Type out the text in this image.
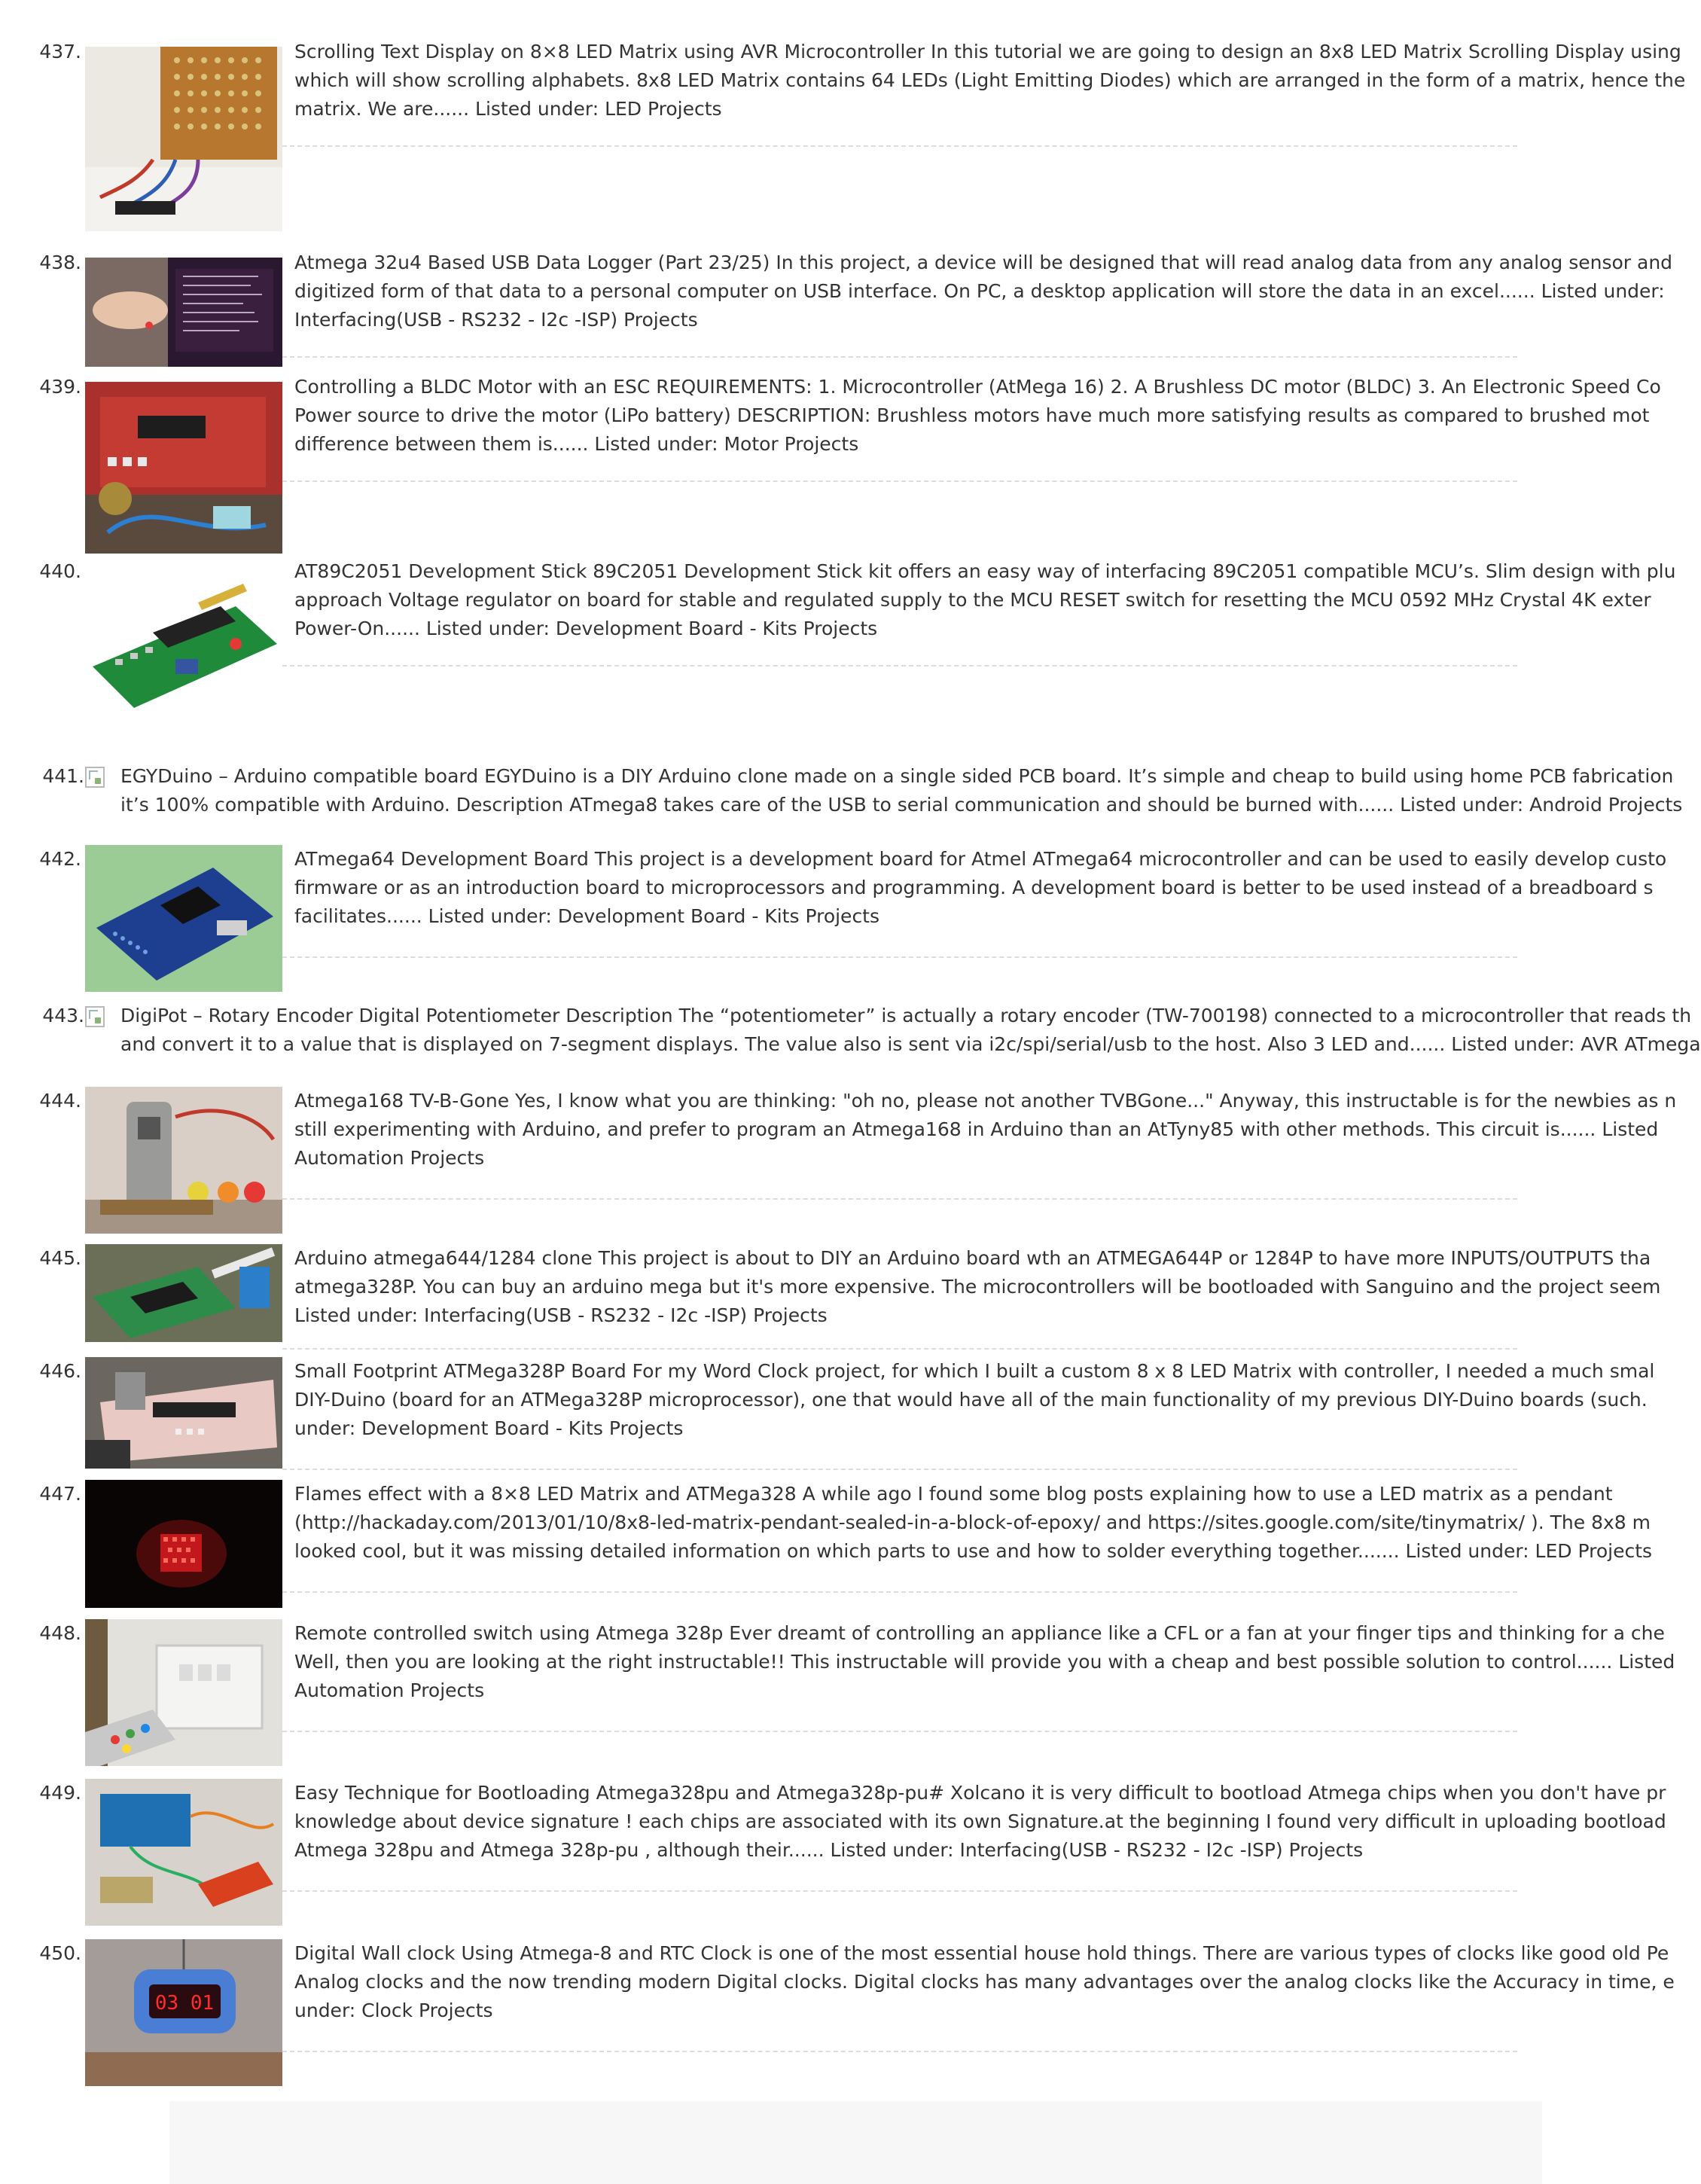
437.	Scrolling Text Display on 8×8 LED Matrix using AVR Microcontroller In this tutorial we are going to design an 8x8 LED Matrix Scrolling Display using
which will show scrolling alphabets. 8x8 LED Matrix contains 64 LEDs (Light Emitting Diodes) which are arranged in the form of a matrix, hence the
matrix. We are...... Listed under: LED Projects
438.	Atmega 32u4 Based USB Data Logger (Part 23/25) In this project, a device will be designed that will read analog data from any analog sensor and
digitized form of that data to a personal computer on USB interface. On PC, a desktop application will store the data in an excel...... Listed under:
Interfacing(USB - RS232 - I2c -ISP) Projects
439.	Controlling a BLDC Motor with an ESC REQUIREMENTS: 1. Microcontroller (AtMega 16) 2. A Brushless DC motor (BLDC) 3. An Electronic Speed Co
Power source to drive the motor (LiPo battery) DESCRIPTION: Brushless motors have much more satisfying results as compared to brushed mot
difference between them is...... Listed under: Motor Projects
440.	AT89C2051 Development Stick 89C2051 Development Stick kit offers an easy way of interfacing 89C2051 compatible MCU’s. Slim design with plu
approach Voltage regulator on board for stable and regulated supply to the MCU RESET switch for resetting the MCU 0592 MHz Crystal 4K exter
Power-On...... Listed under: Development Board - Kits Projects
441. EGYDuino – Arduino compatible board EGYDuino is a DIY Arduino clone made on a single sided PCB board. It’s simple and cheap to build using home PCB fabrication
it’s 100% compatible with Arduino. Description ATmega8 takes care of the USB to serial communication and should be burned with...... Listed under: Android Projects
442.	ATmega64 Development Board This project is a development board for Atmel ATmega64 microcontroller and can be used to easily develop custo
firmware or as an introduction board to microprocessors and programming. A development board is better to be used instead of a breadboard s
facilitates...... Listed under: Development Board - Kits Projects
443. DigiPot – Rotary Encoder Digital Potentiometer Description The “potentiometer” is actually a rotary encoder (TW-700198) connected to a microcontroller that reads th
and convert it to a value that is displayed on 7-segment displays. The value also is sent via i2c/spi/serial/usb to the host. Also 3 LED and...... Listed under: AVR ATmega
444.	Atmega168 TV-B-Gone Yes, I know what you are thinking: "oh no, please not another TVBGone..." Anyway, this instructable is for the newbies as n
still experimenting with Arduino, and prefer to program an Atmega168 in Arduino than an AtTyny85 with other methods. This circuit is...... Listed
Automation Projects
445.	Arduino atmega644/1284 clone This project is about to DIY an Arduino board wth an ATMEGA644P or 1284P to have more INPUTS/OUTPUTS tha
atmega328P. You can buy an arduino mega but it's more expensive. The microcontrollers will be bootloaded with Sanguino and the project seem
Listed under: Interfacing(USB - RS232 - I2c -ISP) Projects
446.	Small Footprint ATMega328P Board For my Word Clock project, for which I built a custom 8 x 8 LED Matrix with controller, I needed a much smal
DIY-Duino (board for an ATMega328P microprocessor), one that would have all of the main functionality of my previous DIY-Duino boards (such.
under: Development Board - Kits Projects
447.	Flames effect with a 8×8 LED Matrix and ATMega328 A while ago I found some blog posts explaining how to use a LED matrix as a pendant
(http://hackaday.com/2013/01/10/8x8-led-matrix-pendant-sealed-in-a-block-of-epoxy/ and https://sites.google.com/site/tinymatrix/ ). The 8x8 m
looked cool, but it was missing detailed information on which parts to use and how to solder everything together....... Listed under: LED Projects
448.	Remote controlled switch using Atmega 328p Ever dreamt of controlling an appliance like a CFL or a fan at your finger tips and thinking for a che
Well, then you are looking at the right instructable!! This instructable will provide you with a cheap and best possible solution to control...... Listed
Automation Projects
449.	Easy Technique for Bootloading Atmega328pu and Atmega328p-pu# Xolcano it is very difficult to bootload Atmega chips when you don't have pr
knowledge about device signature ! each chips are associated with its own Signature.at the beginning I found very difficult in uploading bootload
Atmega 328pu and Atmega 328p-pu , although their...... Listed under: Interfacing(USB - RS232 - I2c -ISP) Projects
450.
03 01
Digital Wall clock Using Atmega-8 and RTC Clock is one of the most essential house hold things. There are various types of clocks like good old Pe
Analog clocks and the now trending modern Digital clocks. Digital clocks has many advantages over the analog clocks like the Accuracy in time, e
under: Clock Projects
